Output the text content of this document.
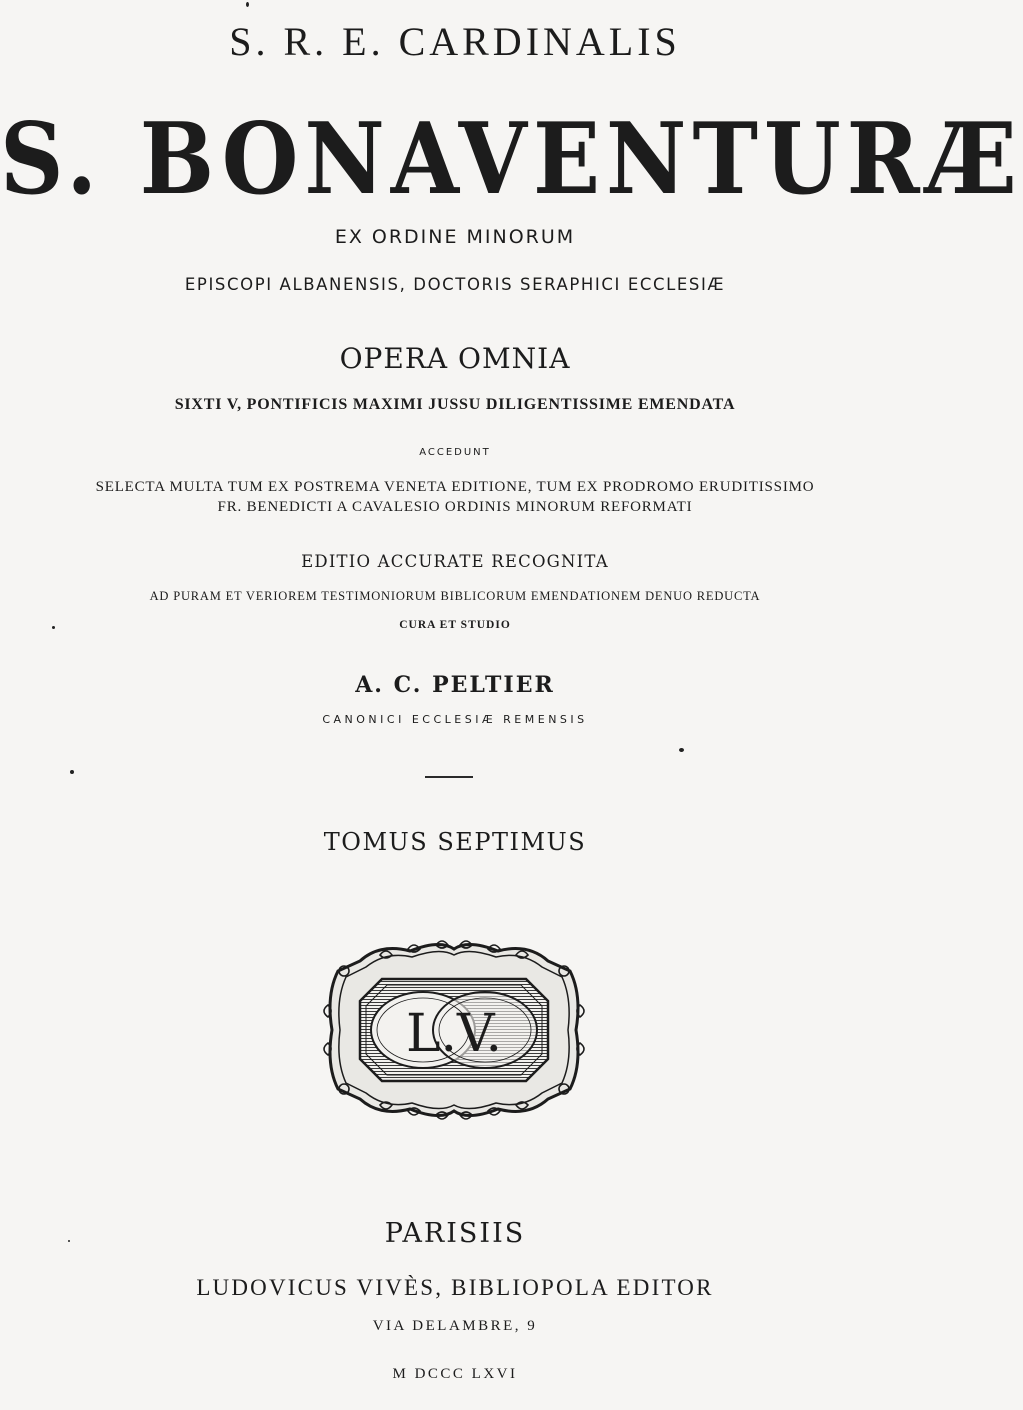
S. R. E. CARDINALIS
S. BONAVENTURÆ
EX ORDINE MINORUM
EPISCOPI ALBANENSIS, DOCTORIS SERAPHICI ECCLESIÆ
OPERA OMNIA
SIXTI V, PONTIFICIS MAXIMI JUSSU DILIGENTISSIME EMENDATA
ACCEDUNT
SELECTA MULTA TUM EX POSTREMA VENETA EDITIONE, TUM EX PRODROMO ERUDITISSIMO
FR. BENEDICTI A CAVALESIO ORDINIS MINORUM REFORMATI
EDITIO ACCURATE RECOGNITA
AD PURAM ET VERIOREM TESTIMONIORUM BIBLICORUM EMENDATIONEM DENUO REDUCTA
CURA ET STUDIO
A. C. PELTIER
CANONICI ECCLESIÆ REMENSIS
TOMUS SEPTIMUS
L.V.
PARISIIS
LUDOVICUS VIVÈS, BIBLIOPOLA EDITOR
VIA DELAMBRE, 9
M DCCC LXVI
